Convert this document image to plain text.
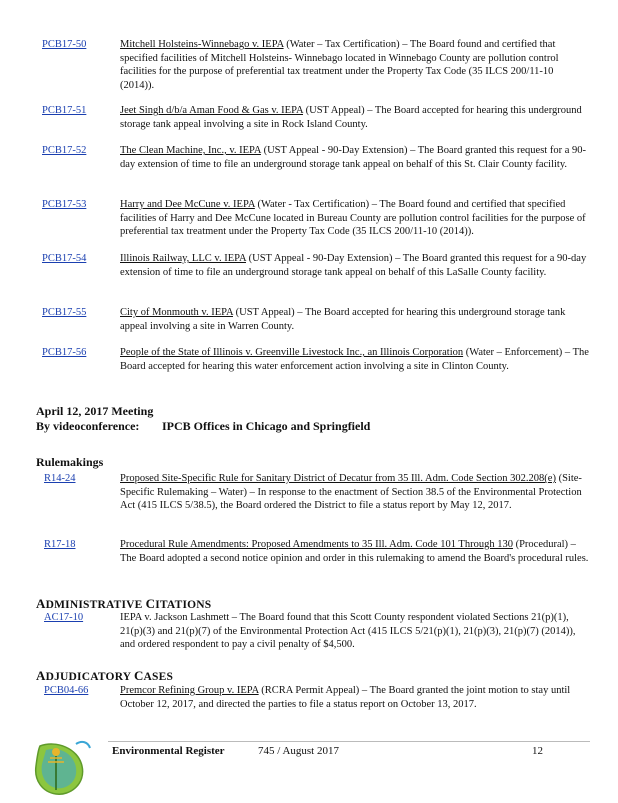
PCB17-50	Mitchell Holsteins-Winnebago v. IEPA (Water – Tax Certification) – The Board found and certified that specified facilities of Mitchell Holsteins- Winnebago located in Winnebago County are pollution control facilities for the purpose of preferential tax treatment under the Property Tax Code (35 ILCS 200/11-10 (2014)).
PCB17-51	Jeet Singh d/b/a Aman Food & Gas v. IEPA (UST Appeal) – The Board accepted for hearing this underground storage tank appeal involving a site in Rock Island County.
PCB17-52	The Clean Machine, Inc., v. IEPA (UST Appeal - 90-Day Extension) – The Board granted this request for a 90-day extension of time to file an underground storage tank appeal on behalf of this St. Clair County facility.
PCB17-53	Harry and Dee McCune v. IEPA (Water - Tax Certification) – The Board found and certified that specified facilities of Harry and Dee McCune located in Bureau County are pollution control facilities for the purpose of preferential tax treatment under the Property Tax Code (35 ILCS 200/11-10 (2014)).
PCB17-54	Illinois Railway, LLC v. IEPA (UST Appeal - 90-Day Extension) – The Board granted this request for a 90-day extension of time to file an underground storage tank appeal on behalf of this LaSalle County facility.
PCB17-55	City of Monmouth v. IEPA (UST Appeal) – The Board accepted for hearing this underground storage tank appeal involving a site in Warren County.
PCB17-56	People of the State of Illinois v. Greenville Livestock Inc., an Illinois Corporation (Water – Enforcement) – The Board accepted for hearing this water enforcement action involving a site in Clinton County.
April 12, 2017 Meeting
By videoconference: IPCB Offices in Chicago and Springfield
Rulemakings
R14-24	Proposed Site-Specific Rule for Sanitary District of Decatur from 35 Ill. Adm. Code Section 302.208(e) (Site-Specific Rulemaking – Water) – In response to the enactment of Section 38.5 of the Environmental Protection Act (415 ILCS 5/38.5), the Board ordered the District to file a status report by May 12, 2017.
R17-18	Procedural Rule Amendments: Proposed Amendments to 35 Ill. Adm. Code 101 Through 130 (Procedural) – The Board adopted a second notice opinion and order in this rulemaking to amend the Board's procedural rules.
ADMINISTRATIVE CITATIONS
AC17-10	IEPA v. Jackson Lashmett – The Board found that this Scott County respondent violated Sections 21(p)(1), 21(p)(3) and 21(p)(7) of the Environmental Protection Act (415 ILCS 5/21(p)(1), 21(p)(3), 21(p)(7) (2014)), and ordered respondent to pay a civil penalty of $4,500.
ADJUDICATORY CASES
PCB04-66	Premcor Refining Group v. IEPA (RCRA Permit Appeal) – The Board granted the joint motion to stay until October 12, 2017, and directed the parties to file a status report on October 13, 2017.
Environmental Register	745 / August 2017	12
